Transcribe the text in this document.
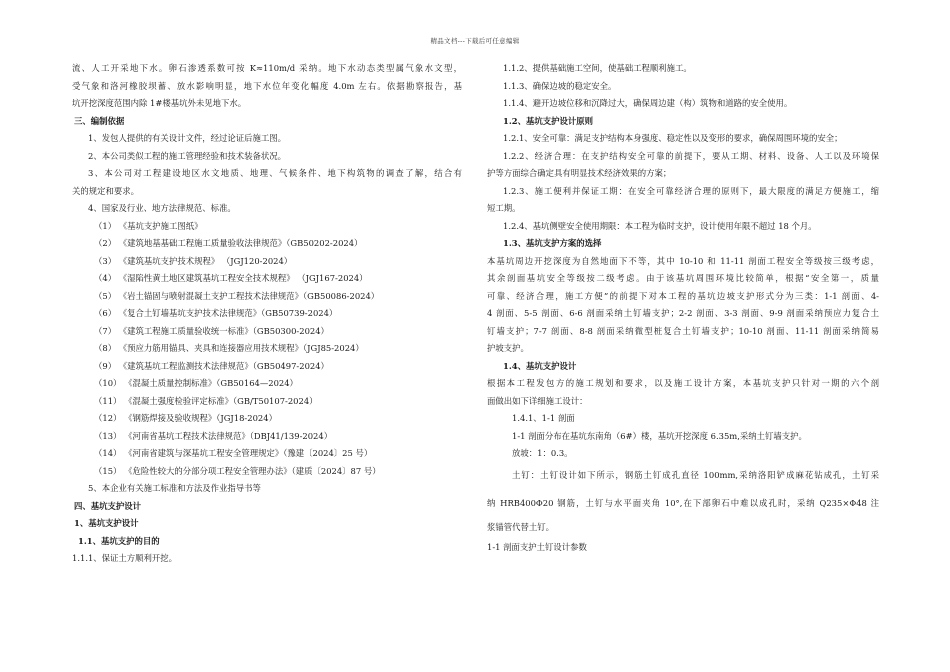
精品文档---下载后可任意编辑
流、人工开采地下水。卵石渗透系数可按 K≈110m/d 采纳。地下水动态类型属气象水文型，
受气象和洛河橡胶坝蓄、放水影响明显，地下水位年变化幅度 4.0m 左右。依据勘察报告，基
坑开挖深度范围内除 1#楼基坑外未见地下水。
三、编制依据
1、发包人提供的有关设计文件，经过论证后施工图。
2、本公司类似工程的施工管理经验和技术装备状况。
3、本公司对工程建设地区水文地质、地理、气候条件、地下构筑物的调查了解，结合有
关的规定和要求。
4、国家及行业、地方法律规范、标准。
（1） 《基坑支护施工图纸》
（2） 《建筑地基基础工程施工质量验收法律规范》（GB50202-2024）
（3） 《建筑基坑支护技术规程》 （JGJ120-2024）
（4） 《湿陷性黄土地区建筑基坑工程安全技术规程》 （JGJ167-2024）
（5） 《岩土锚固与喷射混凝土支护工程技术法律规范》（GB50086-2024）
（6） 《复合土钉墙基坑支护技术法律规范》（GB50739-2024）
（7） 《建筑工程施工质量验收统一标准》（GB50300-2024）
（8） 《预应力筋用锚具、夹具和连接器应用技术规程》（JGJ85-2024）
（9） 《建筑基坑工程监测技术法律规范》（GB50497-2024）
（10） 《混凝土质量控制标准》（GB50164—2024）
（11） 《混凝土强度检验评定标准》（GB/T50107-2024）
（12） 《钢筋焊接及验收规程》（JGJ18-2024）
（13） 《河南省基坑工程技术法律规范》（DBJ41/139-2024）
（14） 《河南省建筑与深基坑工程安全管理规定》（豫建〔2024〕25 号）
（15） 《危险性较大的分部分项工程安全管理办法》（建质〔2024〕87 号）
5、本企业有关施工标准和方法及作业指导书等
四、基坑支护设计
1、基坑支护设计
1.1、基坑支护的目的
1.1.1、保证土方顺利开挖。
1.1.2、提供基础施工空间，使基础工程顺利施工。
1.1.3、确保边坡的稳定安全。
1.1.4、避开边坡位移和沉降过大，确保周边建（构）筑物和道路的安全使用。
1.2、基坑支护设计原则
1.2.1、安全可靠：满足支护结构本身强度、稳定性以及变形的要求，确保周围环境的安全；
1.2.2、经济合理：在支护结构安全可靠的前提下，要从工期、材料、设备、人工以及环境保
护等方面综合确定具有明显技术经济效果的方案；
1.2.3、施工便利并保证工期：在安全可靠经济合理的原则下，最大限度的满足方便施工，缩
短工期。
1.2.4、基坑侧壁安全使用期限：本工程为临时支护，设计使用年限不超过 18 个月。
1.3、基坑支护方案的选择
本基坑周边开挖深度为自然地面下不等，其中 10-10 和 11-11 剖面工程安全等级按三级考虑，
其余剖面基坑安全等级按二级考虑。由于该基坑周围环境比较简单，根据“安全第一，质量
可靠、经济合理，施工方便”的前提下对本工程的基坑边坡支护形式分为三类：1-1 剖面、4-
4 剖面、5-5 剖面、6-6 剖面采纳土钉墙支护；2-2 剖面、3-3 剖面、9-9 剖面采纳预应力复合土
钉墙支护；7-7 剖面、8-8 剖面采纳微型桩复合土钉墙支护；10-10 剖面、11-11 剖面采纳简易
护坡支护。
1.4、基坑支护设计
根据本工程发包方的施工规划和要求，以及施工设计方案，本基坑支护只针对一期的六个剖
面做出如下详细施工设计：
1.4.1、1-1 剖面
1-1 剖面分布在基坑东南角（6#）楼，基坑开挖深度 6.35m,采纳土钉墙支护。
放坡：1：0.3。
土钉：土钉设计如下所示，钢筋土钉成孔直径 100mm,采纳洛阳铲成麻花钻成孔，土钉采
纳 HRB400Φ20 钢筋，土钉与水平面夹角 10°,在下部卵石中难以成孔时，采纳 Q235×Φ48 注
浆锚管代替土钉。
1-1 剖面支护土钉设计参数
